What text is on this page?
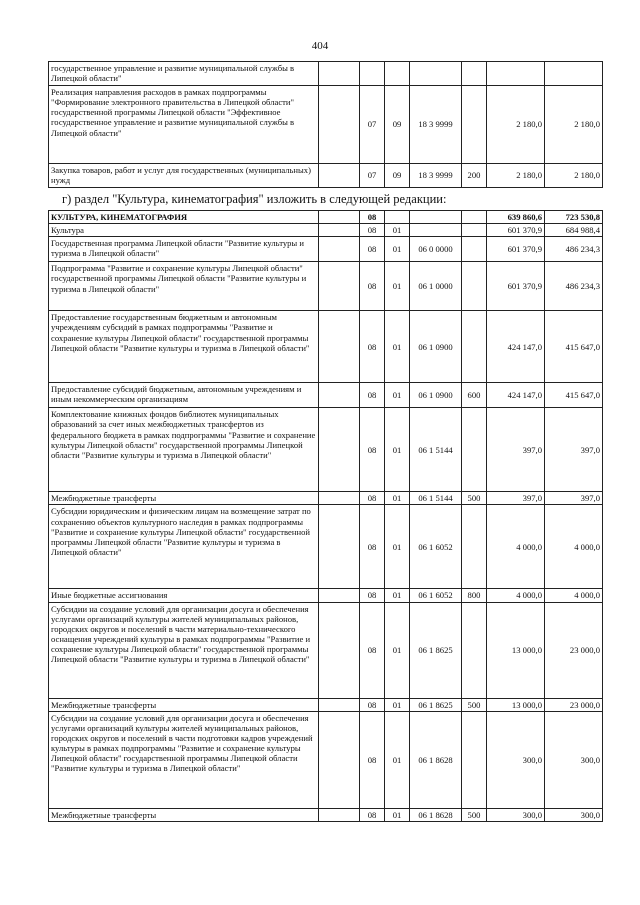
404
государственное управление и развитие муниципальной службы в Липецкой области"							
Реализация направления расходов в рамках подпрограммы "Формирование электронного правительства в Липецкой области" государственной программы Липецкой области "Эффективное государственное управление и развитие муниципальной службы в Липецкой области"		07	09	18 3 9999		2 180,0	2 180,0
Закупка товаров, работ и услуг для государственных (муниципальных) нужд		07	09	18 3 9999	200	2 180,0	2 180,0
г) раздел "Культура, кинематография" изложить в следующей редакции:
КУЛЬТУРА, КИНЕМАТОГРАФИЯ		08				639 860,6	723 530,8
Культура		08	01			601 370,9	684 988,4
Государственная программа Липецкой области "Развитие культуры и туризма в Липецкой области"		08	01	06 0 0000		601 370,9	486 234,3
Подпрограмма "Развитие и сохранение культуры Липецкой области" государственной программы Липецкой области "Развитие культуры и туризма в Липецкой области"		08	01	06 1 0000		601 370,9	486 234,3
Предоставление государственным бюджетным и автономным учреждениям субсидий в рамках подпрограммы "Развитие и сохранение культуры Липецкой области" государственной программы Липецкой области "Развитие культуры и туризма в Липецкой области"		08	01	06 1 0900		424 147,0	415 647,0
Предоставление субсидий бюджетным, автономным учреждениям и иным некоммерческим организациям		08	01	06 1 0900	600	424 147,0	415 647,0
Комплектование книжных фондов библиотек муниципальных образований за счет иных межбюджетных трансфертов из федерального бюджета в рамках подпрограммы "Развитие и сохранение культуры Липецкой области" государственной программы Липецкой области "Развитие культуры и туризма в Липецкой области"		08	01	06 1 5144		397,0	397,0
Межбюджетные трансферты		08	01	06 1 5144	500	397,0	397,0
Субсидии юридическим и физическим лицам на возмещение затрат по сохранению объектов культурного наследия в рамках подпрограммы "Развитие и сохранение культуры Липецкой области" государственной программы Липецкой области "Развитие культуры и туризма в Липецкой области"		08	01	06 1 6052		4 000,0	4 000,0
Иные бюджетные ассигнования		08	01	06 1 6052	800	4 000,0	4 000,0
Субсидии на создание условий для организации досуга и обеспечения услугами организаций культуры жителей муниципальных районов, городских округов и поселений в части материально-технического оснащения учреждений культуры в рамках подпрограммы "Развитие и сохранение культуры Липецкой области" государственной программы Липецкой области "Развитие культуры и туризма в Липецкой области"		08	01	06 1 8625		13 000,0	23 000,0
Межбюджетные трансферты		08	01	06 1 8625	500	13 000,0	23 000,0
Субсидии на создание условий для организации досуга и обеспечения услугами организаций культуры жителей муниципальных районов, городских округов и поселений в части подготовки кадров учреждений культуры в рамках подпрограммы "Развитие и сохранение культуры Липецкой области" государственной программы Липецкой области "Развитие культуры и туризма в Липецкой области"		08	01	06 1 8628		300,0	300,0
Межбюджетные трансферты		08	01	06 1 8628	500	300,0	300,0
